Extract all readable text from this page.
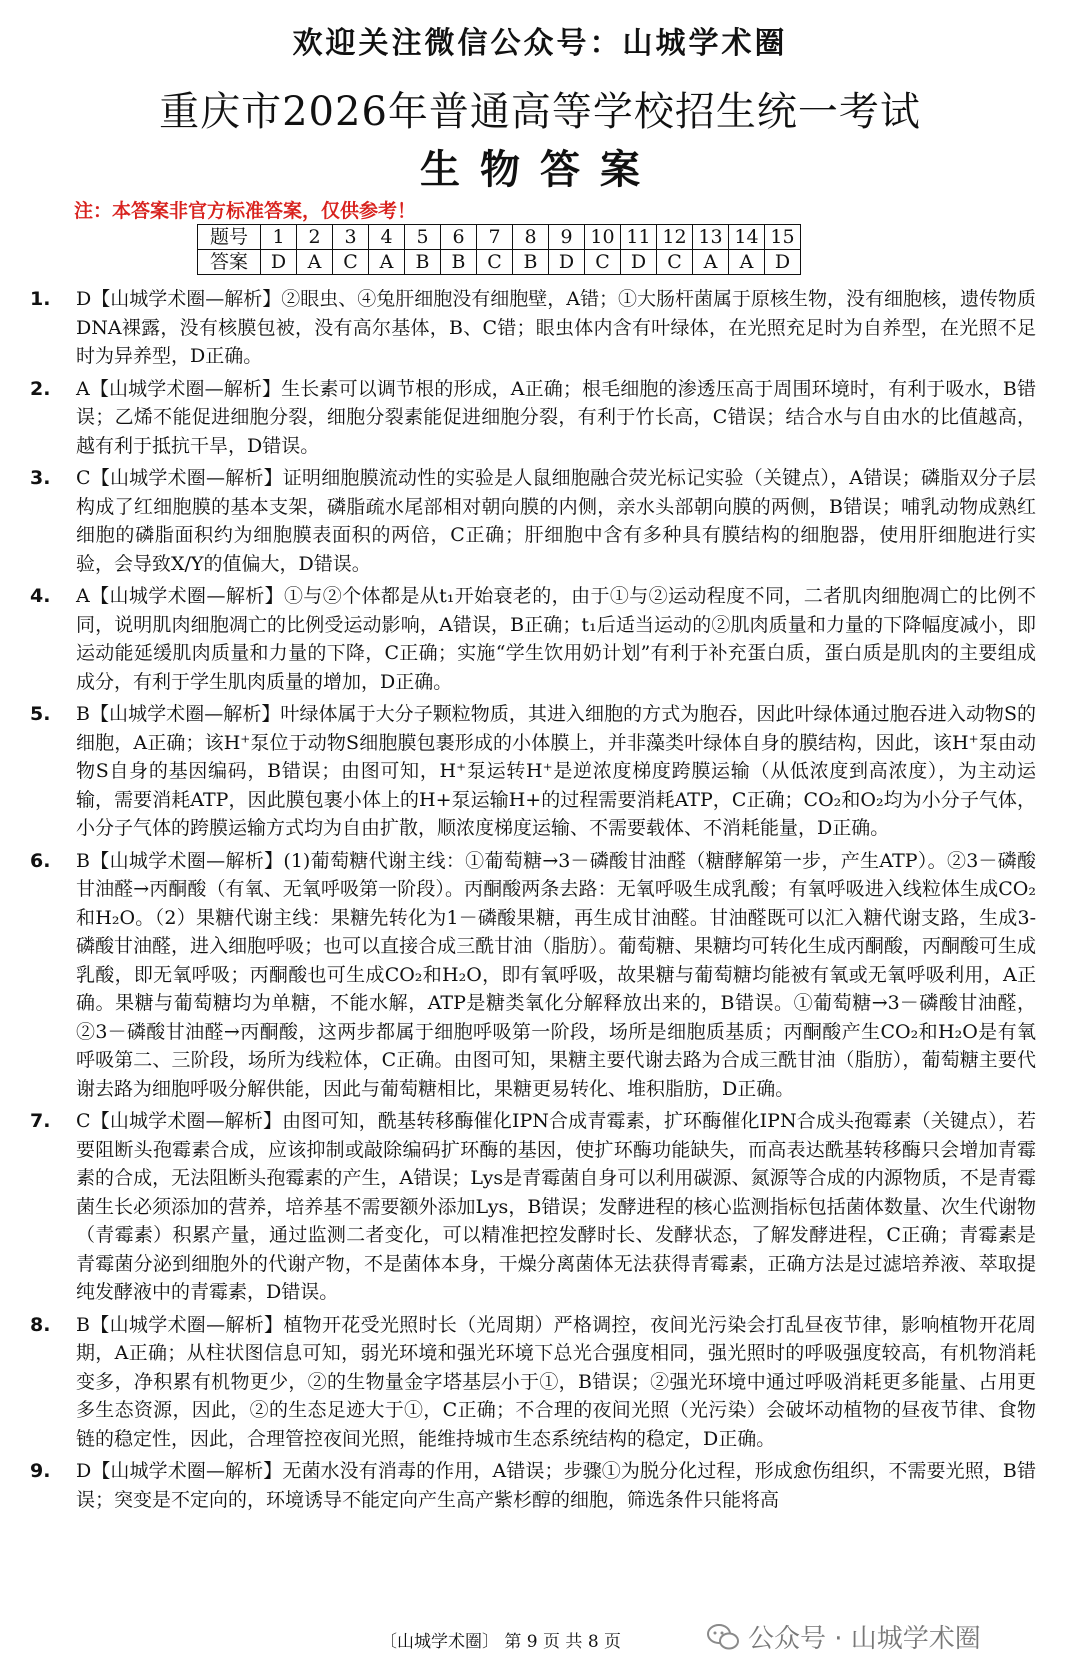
欢迎关注微信公众号：山城学术圈
重庆市2026年普通高等学校招生统一考试
生物答案
注：本答案非官方标准答案，仅供参考！
题号	1	2	3	4	5	6	7	8	9	10	11	12	13	14	15
答案	D	A	C	A	B	B	C	B	D	C	D	C	A	A	D
1. D【山城学术圈—解析】②眼虫、④兔肝细胞没有细胞壁，A错；①大肠杆菌属于原核生物，没有细胞核，遗传物质DNA裸露，没有核膜包被，没有高尔基体，B、C错；眼虫体内含有叶绿体，在光照充足时为自养型，在光照不足时为异养型，D正确。

2. A【山城学术圈—解析】生长素可以调节根的形成，A正确；根毛细胞的渗透压高于周围环境时，有利于吸水，B错误；乙烯不能促进细胞分裂，细胞分裂素能促进细胞分裂，有利于竹长高，C错误；结合水与自由水的比值越高，越有利于抵抗干旱，D错误。

3. C【山城学术圈—解析】证明细胞膜流动性的实验是人鼠细胞融合荧光标记实验（关键点），A错误；磷脂双分子层构成了红细胞膜的基本支架，磷脂疏水尾部相对朝向膜的内侧，亲水头部朝向膜的两侧，B错误；哺乳动物成熟红细胞的磷脂面积约为细胞膜表面积的两倍，C正确；肝细胞中含有多种具有膜结构的细胞器，使用肝细胞进行实验，会导致X/Y的值偏大，D错误。

4. A【山城学术圈—解析】①与②个体都是从t₁开始衰老的，由于①与②运动程度不同，二者肌肉细胞凋亡的比例不同，说明肌肉细胞凋亡的比例受运动影响，A错误，B正确；t₁后适当运动的②肌肉质量和力量的下降幅度减小，即运动能延缓肌肉质量和力量的下降，C正确；实施“学生饮用奶计划”有利于补充蛋白质，蛋白质是肌肉的主要组成成分，有利于学生肌肉质量的增加，D正确。

5. B【山城学术圈—解析】叶绿体属于大分子颗粒物质，其进入细胞的方式为胞吞，因此叶绿体通过胞吞进入动物S的细胞，A正确；该H⁺泵位于动物S细胞膜包裹形成的小体膜上，并非藻类叶绿体自身的膜结构，因此，该H⁺泵由动物S自身的基因编码，B错误；由图可知，H⁺泵运转H⁺是逆浓度梯度跨膜运输（从低浓度到高浓度），为主动运输，需要消耗ATP，因此膜包裹小体上的H+泵运输H+的过程需要消耗ATP，C正确；CO₂和O₂均为小分子气体，小分子气体的跨膜运输方式均为自由扩散，顺浓度梯度运输、不需要载体、不消耗能量，D正确。

6. B【山城学术圈—解析】(1)葡萄糖代谢主线：①葡萄糖→3－磷酸甘油醛（糖酵解第一步，产生ATP）。②3－磷酸甘油醛→丙酮酸（有氧、无氧呼吸第一阶段）。丙酮酸两条去路：无氧呼吸生成乳酸；有氧呼吸进入线粒体生成CO₂和H₂O。（2）果糖代谢主线：果糖先转化为1－磷酸果糖，再生成甘油醛。甘油醛既可以汇入糖代谢支路，生成3-磷酸甘油醛，进入细胞呼吸；也可以直接合成三酰甘油（脂肪）。葡萄糖、果糖均可转化生成丙酮酸，丙酮酸可生成乳酸，即无氧呼吸；丙酮酸也可生成CO₂和H₂O，即有氧呼吸，故果糖与葡萄糖均能被有氧或无氧呼吸利用，A正确。果糖与葡萄糖均为单糖，不能水解，ATP是糖类氧化分解释放出来的，B错误。①葡萄糖→3－磷酸甘油醛，②3－磷酸甘油醛→丙酮酸，这两步都属于细胞呼吸第一阶段，场所是细胞质基质；丙酮酸产生CO₂和H₂O是有氧呼吸第二、三阶段，场所为线粒体，C正确。由图可知，果糖主要代谢去路为合成三酰甘油（脂肪），葡萄糖主要代谢去路为细胞呼吸分解供能，因此与葡萄糖相比，果糖更易转化、堆积脂肪，D正确。

7. C【山城学术圈—解析】由图可知，酰基转移酶催化IPN合成青霉素，扩环酶催化IPN合成头孢霉素（关键点），若要阻断头孢霉素合成，应该抑制或敲除编码扩环酶的基因，使扩环酶功能缺失，而高表达酰基转移酶只会增加青霉素的合成，无法阻断头孢霉素的产生，A错误；Lys是青霉菌自身可以利用碳源、氮源等合成的内源物质，不是青霉菌生长必须添加的营养，培养基不需要额外添加Lys，B错误；发酵进程的核心监测指标包括菌体数量、次生代谢物（青霉素）积累产量，通过监测二者变化，可以精准把控发酵时长、发酵状态，了解发酵进程，C正确；青霉素是青霉菌分泌到细胞外的代谢产物，不是菌体本身，干燥分离菌体无法获得青霉素，正确方法是过滤培养液、萃取提纯发酵液中的青霉素，D错误。

8. B【山城学术圈—解析】植物开花受光照时长（光周期）严格调控，夜间光污染会打乱昼夜节律，影响植物开花周期，A正确；从柱状图信息可知，弱光环境和强光环境下总光合强度相同，强光照时的呼吸强度较高，有机物消耗变多，净积累有机物更少，②的生物量金字塔基层小于①，B错误；②强光环境中通过呼吸消耗更多能量、占用更多生态资源，因此，②的生态足迹大于①，C正确；不合理的夜间光照（光污染）会破坏动植物的昼夜节律、食物链的稳定性，因此，合理管控夜间光照，能维持城市生态系统结构的稳定，D正确。

9. D【山城学术圈—解析】无菌水没有消毒的作用，A错误；步骤①为脱分化过程，形成愈伤组织，不需要光照，B错误；突变是不定向的，环境诱导不能定向产生高产紫杉醇的细胞，筛选条件只能将高

〔山城学术圈〕 第 9 页 共 8 页	公众号 · 山城学术圈
